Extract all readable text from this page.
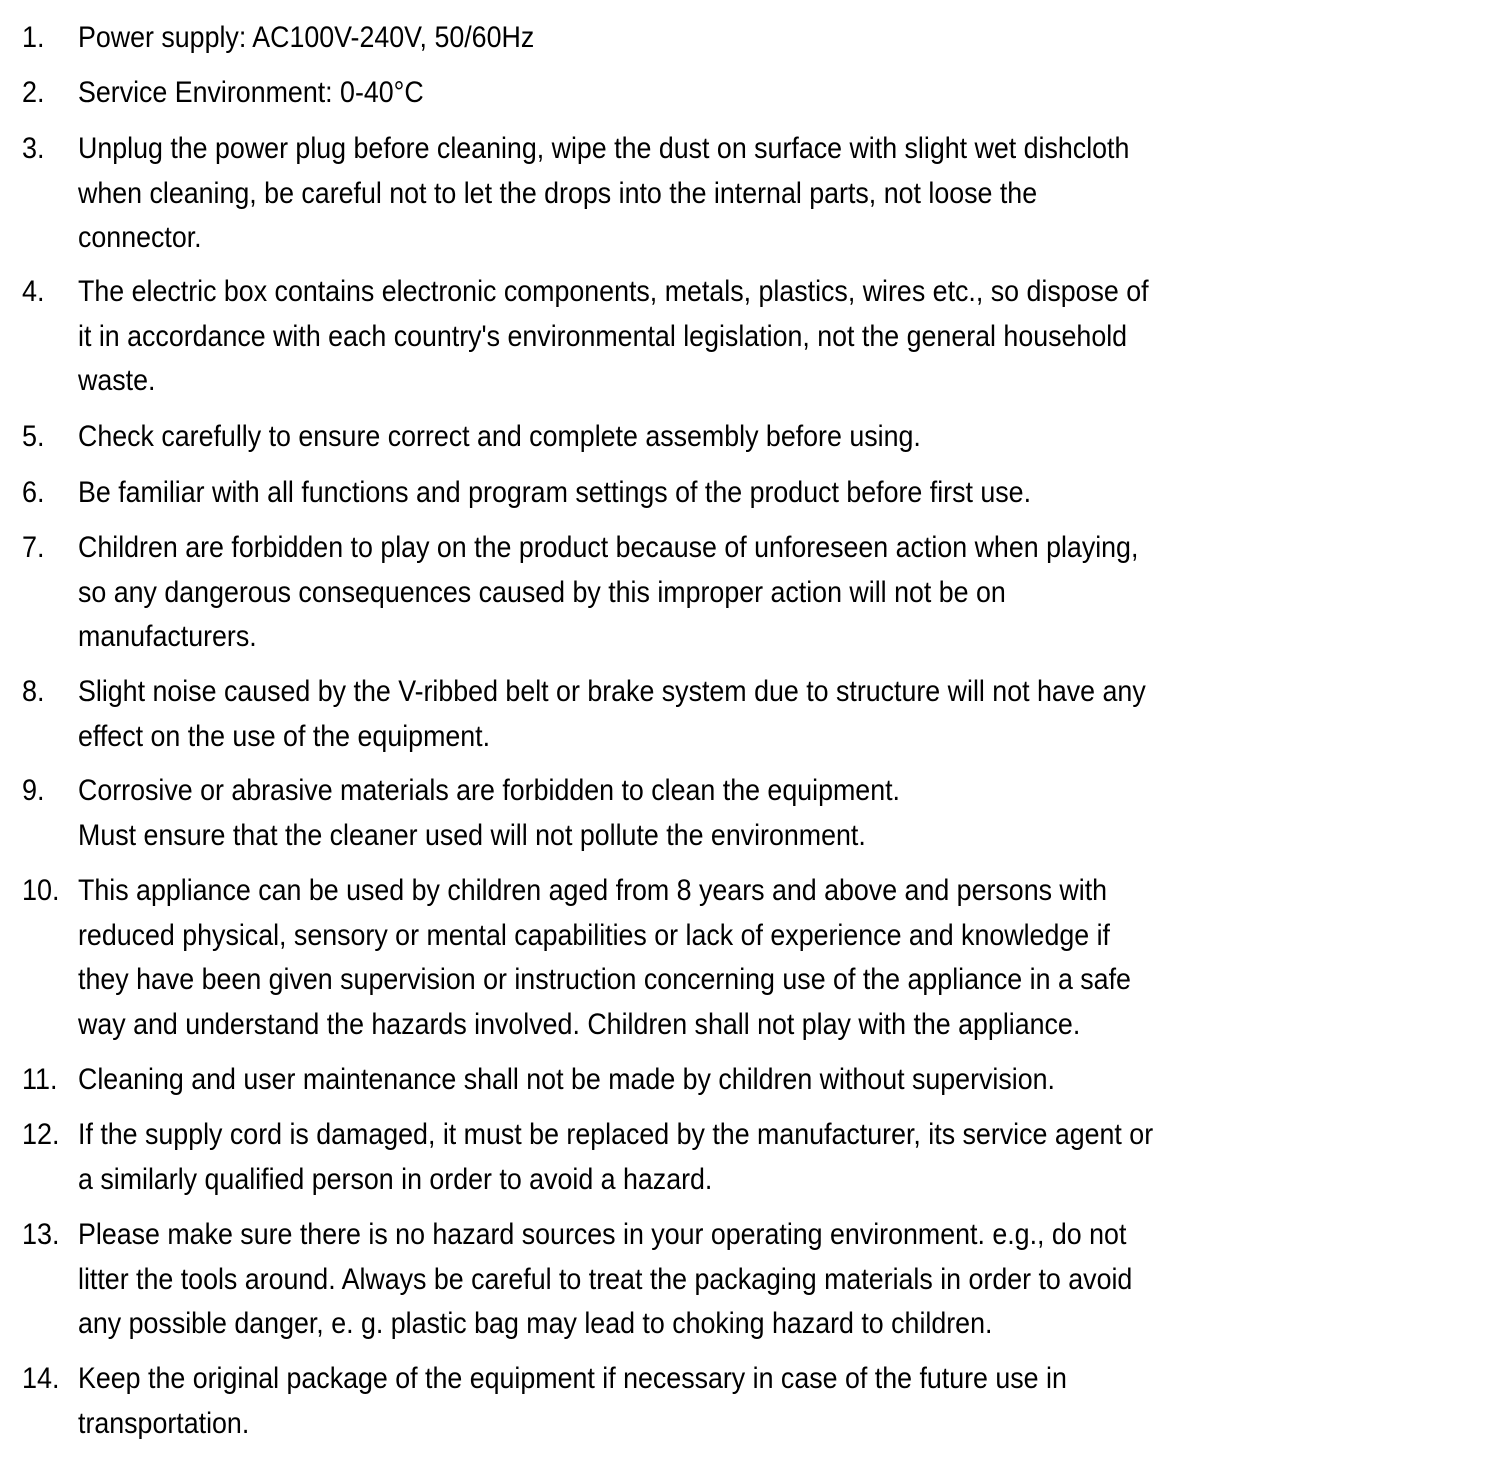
1. Power supply: AC100V-240V, 50/60Hz
2. Service Environment: 0-40°C
3. Unplug the power plug before cleaning, wipe the dust on surface with slight wet dishcloth
when cleaning, be careful not to let the drops into the internal parts, not loose the
connector.
4. The electric box contains electronic components, metals, plastics, wires etc., so dispose of
it in accordance with each country's environmental legislation, not the general household
waste.
5. Check carefully to ensure correct and complete assembly before using.
6. Be familiar with all functions and program settings of the product before first use.
7. Children are forbidden to play on the product because of unforeseen action when playing,
so any dangerous consequences caused by this improper action will not be on
manufacturers.
8. Slight noise caused by the V-ribbed belt or brake system due to structure will not have any
effect on the use of the equipment.
9. Corrosive or abrasive materials are forbidden to clean the equipment.
Must ensure that the cleaner used will not pollute the environment.
10. This appliance can be used by children aged from 8 years and above and persons with
reduced physical, sensory or mental capabilities or lack of experience and knowledge if
they have been given supervision or instruction concerning use of the appliance in a safe
way and understand the hazards involved. Children shall not play with the appliance.
11. Cleaning and user maintenance shall not be made by children without supervision.
12. If the supply cord is damaged, it must be replaced by the manufacturer, its service agent or
a similarly qualified person in order to avoid a hazard.
13. Please make sure there is no hazard sources in your operating environment. e.g., do not
litter the tools around. Always be careful to treat the packaging materials in order to avoid
any possible danger, e. g. plastic bag may lead to choking hazard to children.
14. Keep the original package of the equipment if necessary in case of the future use in
transportation.
